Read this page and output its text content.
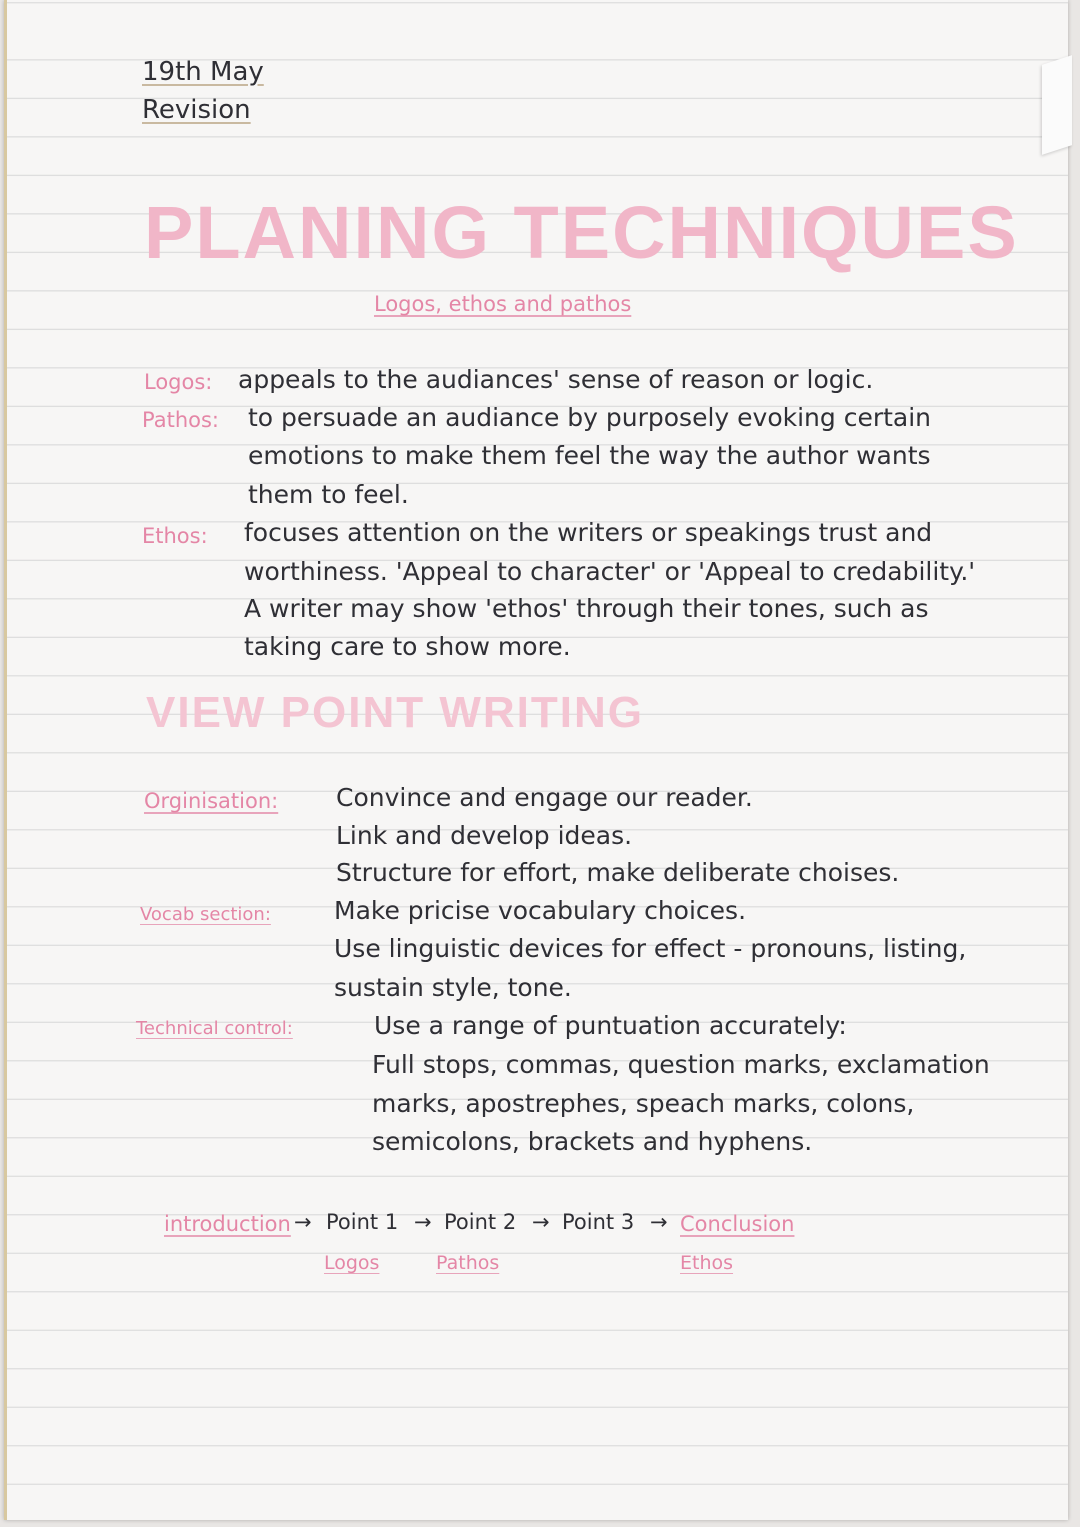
19th May
Revision
PLANING TECHNIQUES
Logos, ethos and pathos
Logos: appeals to the audiances' sense of reason or logic.
Pathos: to persuade an audiance by purposely evoking certain
emotions to make them feel the way the author wants
them to feel.
Ethos: focuses attention on the writers or speakings trust and
worthiness. 'Appeal to character' or 'Appeal to credability.'
A writer may show 'ethos' through their tones, such as
taking care to show more.
VIEW POINT WRITING
Orginisation: Convince and engage our reader.
Link and develop ideas.
Structure for effort, make deliberate choises.
Vocab section:	Make pricise vocabulary choices.
Use linguistic devices for effect - pronouns, listing,
sustain style, tone.
Technical control:	Use a range of puntuation accurately:
Full stops, commas, question marks, exclamation
marks, apostrephes, speach marks, colons,
semicolons, brackets and hyphens.
introduction → Point 1 → Point 2 → Point 3 → Conclusion
Logos	Pathos	Ethos
